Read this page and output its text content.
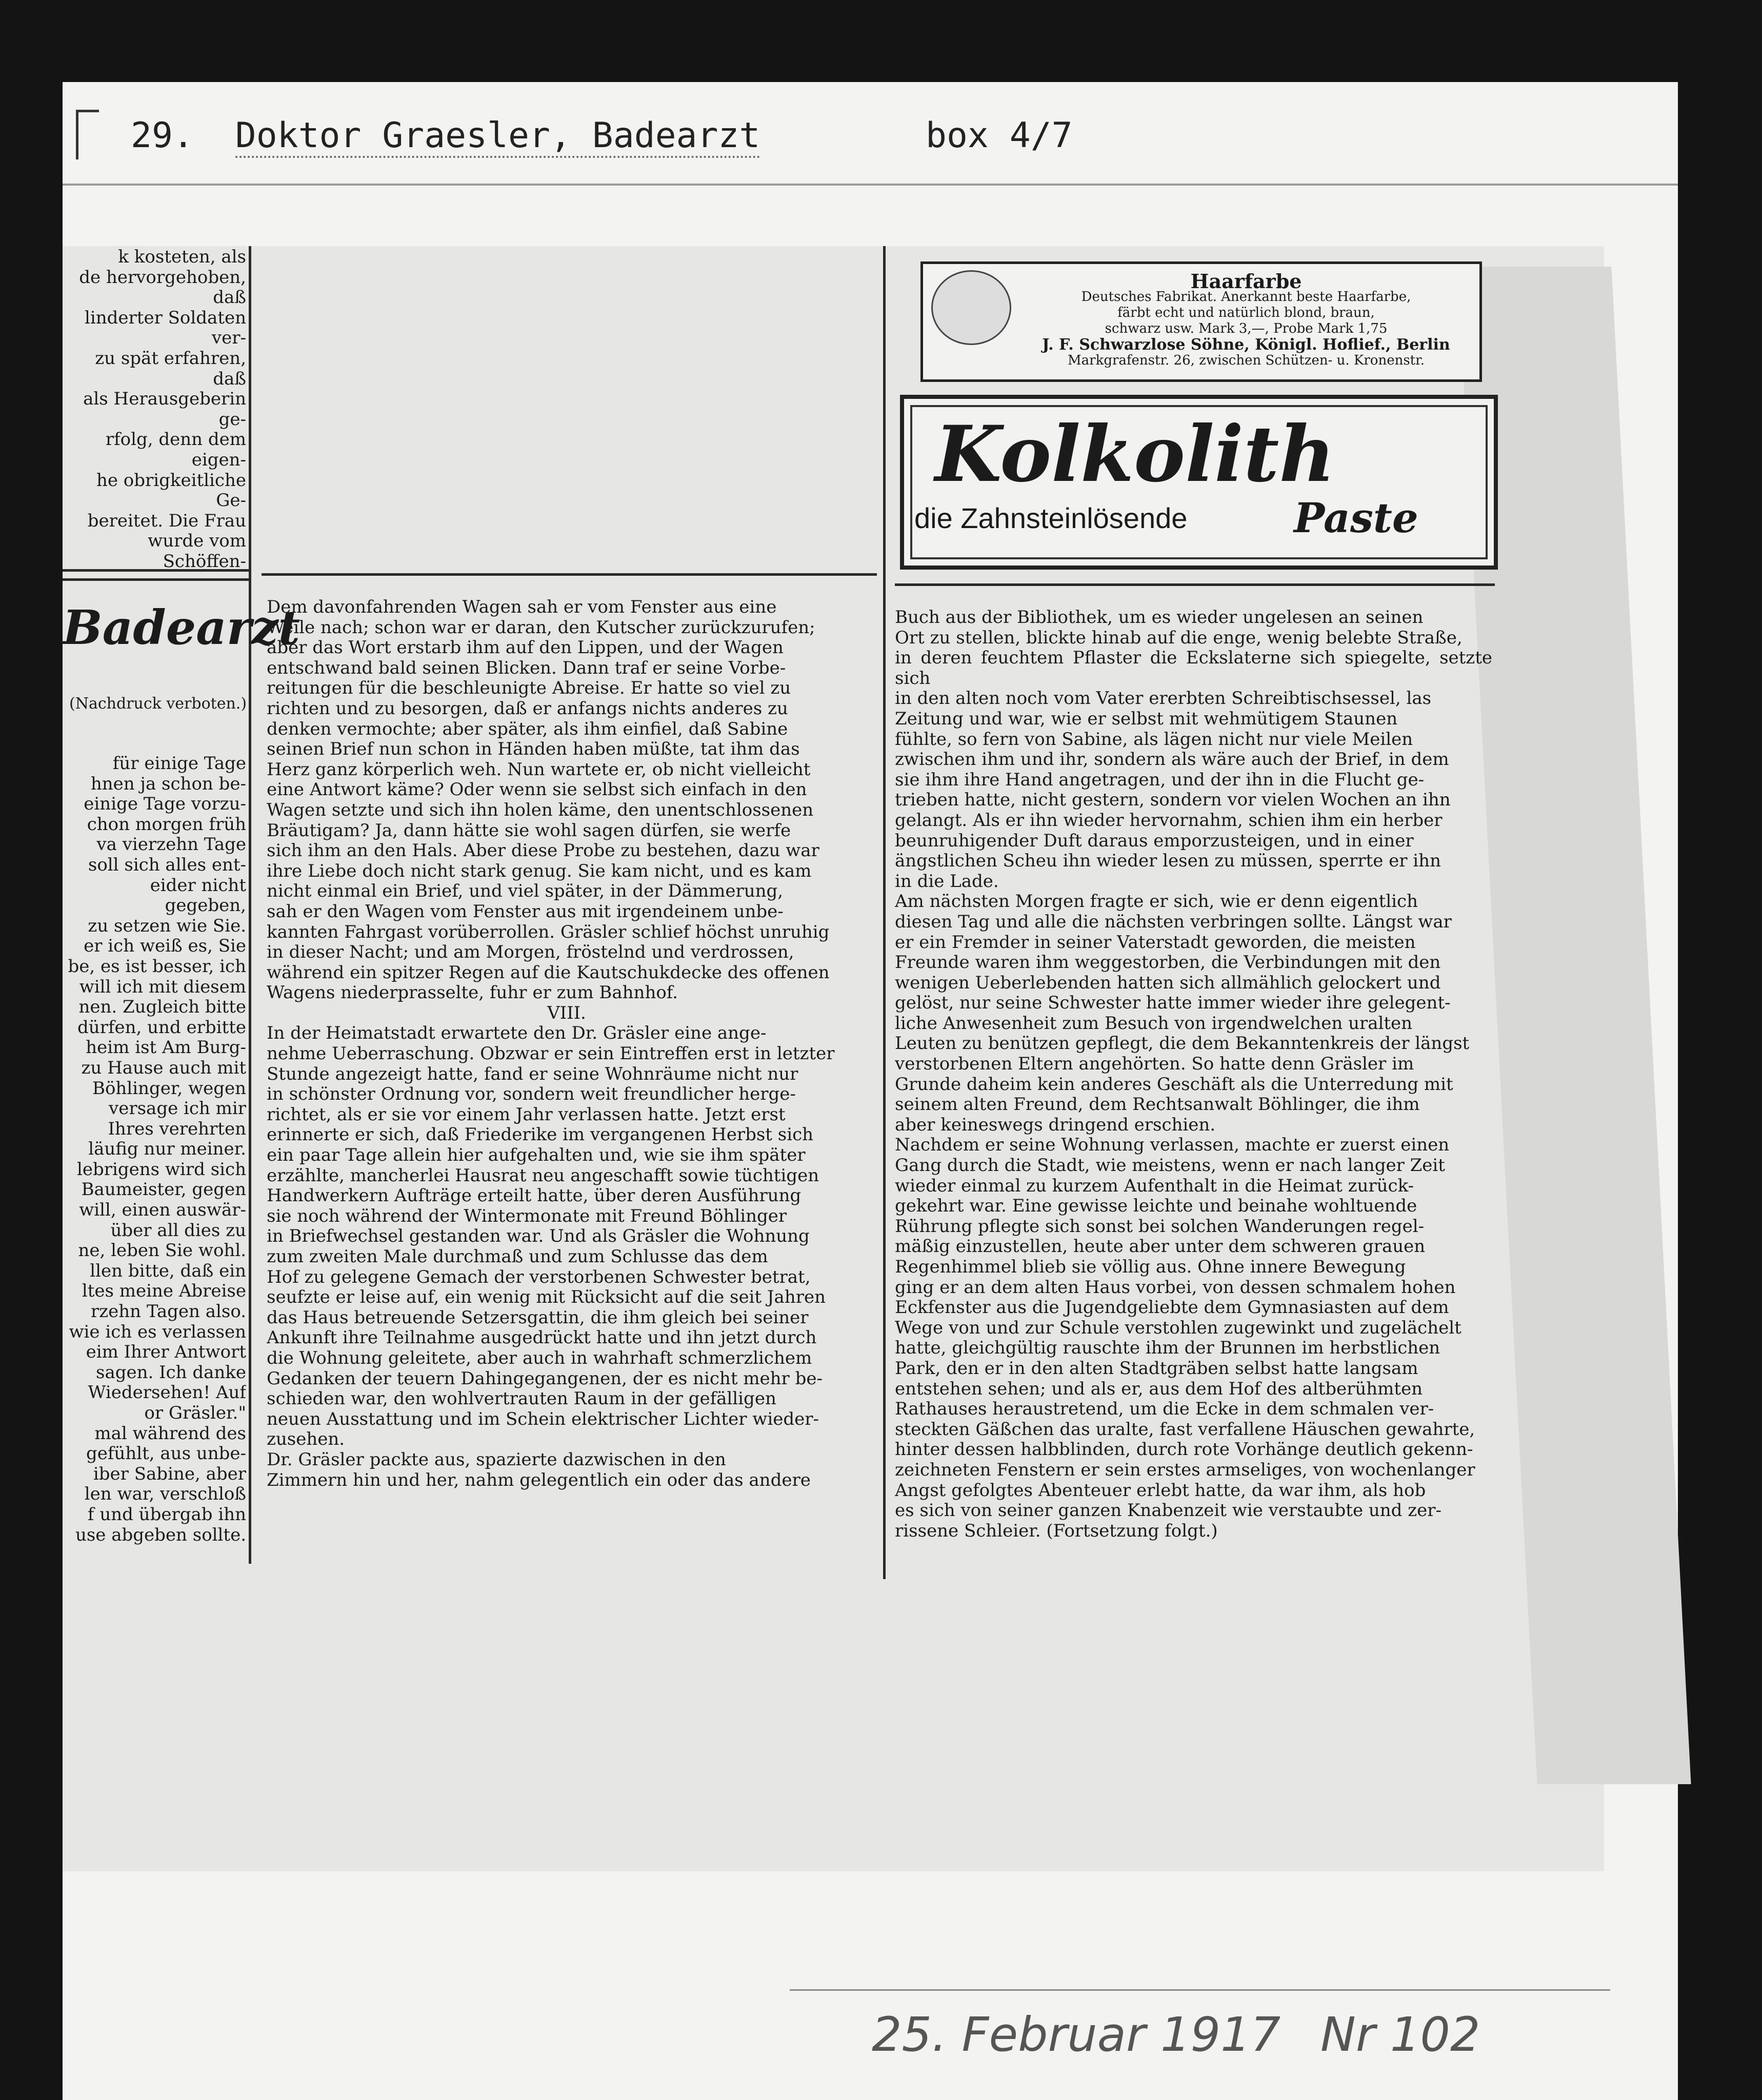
29. Doktor Graesler, Badearzt	box 4/7

k kosteten, als

de hervorgehoben, daß

linderter Soldaten ver-

zu spät erfahren, daß

als Herausgeberin ge-

rfolg, denn dem eigen-

he obrigkeitliche Ge-

bereitet. Die Frau

wurde vom Schöffen-

Badearzt
(Nachdruck verboten.)

für einige Tage

hnen ja schon be-

einige Tage vorzu-

chon morgen früh

va vierzehn Tage

soll sich alles ent-

eider nicht gegeben,

zu setzen wie Sie.

er ich weiß es, Sie

be, es ist besser, ich

will ich mit diesem

nen. Zugleich bitte

dürfen, und erbitte

heim ist Am Burg-

zu Hause auch mit

Böhlinger, wegen

versage ich mir

Ihres verehrten

läufig nur meiner.

lebrigens wird sich

Baumeister, gegen

will, einen auswär-

über all dies zu

ne, leben Sie wohl.

llen bitte, daß ein

ltes meine Abreise

rzehn Tagen also.

wie ich es verlassen

eim Ihrer Antwort

sagen. Ich danke

Wiedersehen! Auf

or Gräsler."

mal während des

gefühlt, aus unbe-

iber Sabine, aber

len war, verschloß

f und übergab ihn

use abgeben sollte.

Dem davonfahrenden Wagen sah er vom Fenster aus eine

Weile nach; schon war er daran, den Kutscher zurückzurufen;

aber das Wort erstarb ihm auf den Lippen, und der Wagen

entschwand bald seinen Blicken. Dann traf er seine Vorbe-

reitungen für die beschleunigte Abreise. Er hatte so viel zu

richten und zu besorgen, daß er anfangs nichts anderes zu

denken vermochte; aber später, als ihm einfiel, daß Sabine

seinen Brief nun schon in Händen haben müßte, tat ihm das

Herz ganz körperlich weh. Nun wartete er, ob nicht vielleicht

eine Antwort käme? Oder wenn sie selbst sich einfach in den

Wagen setzte und sich ihn holen käme, den unentschlossenen

Bräutigam? Ja, dann hätte sie wohl sagen dürfen, sie werfe

sich ihm an den Hals. Aber diese Probe zu bestehen, dazu war

ihre Liebe doch nicht stark genug. Sie kam nicht, und es kam

nicht einmal ein Brief, und viel später, in der Dämmerung,

sah er den Wagen vom Fenster aus mit irgendeinem unbe-

kannten Fahrgast vorüberrollen. Gräsler schlief höchst unruhig

in dieser Nacht; und am Morgen, fröstelnd und verdrossen,

während ein spitzer Regen auf die Kautschukdecke des offenen

Wagens niederprasselte, fuhr er zum Bahnhof.

VIII.

In der Heimatstadt erwartete den Dr. Gräsler eine ange-

nehme Ueberraschung. Obzwar er sein Eintreffen erst in letzter

Stunde angezeigt hatte, fand er seine Wohnräume nicht nur

in schönster Ordnung vor, sondern weit freundlicher herge-

richtet, als er sie vor einem Jahr verlassen hatte. Jetzt erst

erinnerte er sich, daß Friederike im vergangenen Herbst sich

ein paar Tage allein hier aufgehalten und, wie sie ihm später

erzählte, mancherlei Hausrat neu angeschafft sowie tüchtigen

Handwerkern Aufträge erteilt hatte, über deren Ausführung

sie noch während der Wintermonate mit Freund Böhlinger

in Briefwechsel gestanden war. Und als Gräsler die Wohnung

zum zweiten Male durchmaß und zum Schlusse das dem

Hof zu gelegene Gemach der verstorbenen Schwester betrat,

seufzte er leise auf, ein wenig mit Rücksicht auf die seit Jahren

das Haus betreuende Setzersgattin, die ihm gleich bei seiner

Ankunft ihre Teilnahme ausgedrückt hatte und ihn jetzt durch

die Wohnung geleitete, aber auch in wahrhaft schmerzlichem

Gedanken der teuern Dahingegangenen, der es nicht mehr be-

schieden war, den wohlvertrauten Raum in der gefälligen

neuen Ausstattung und im Schein elektrischer Lichter wieder-

zusehen.

Dr. Gräsler packte aus, spazierte dazwischen in den

Zimmern hin und her, nahm gelegentlich ein oder das andere

Haarfarbe
Deutsches Fabrikat. Anerkannt beste Haarfarbe,
färbt echt und natürlich blond, braun,
schwarz usw. Mark 3,—, Probe Mark 1,75
J. F. Schwarzlose Söhne, Königl. Hoflief., Berlin
Markgrafenstr. 26, zwischen Schützen- u. Kronenstr.
Kolkolith
die Zahnsteinlösende	Paste

Buch aus der Bibliothek, um es wieder ungelesen an seinen

Ort zu stellen, blickte hinab auf die enge, wenig belebte Straße,

in deren feuchtem Pflaster die Eckslaterne sich spiegelte, setzte sich

in den alten noch vom Vater ererbten Schreibtischsessel, las

Zeitung und war, wie er selbst mit wehmütigem Staunen

fühlte, so fern von Sabine, als lägen nicht nur viele Meilen

zwischen ihm und ihr, sondern als wäre auch der Brief, in dem

sie ihm ihre Hand angetragen, und der ihn in die Flucht ge-

trieben hatte, nicht gestern, sondern vor vielen Wochen an ihn

gelangt. Als er ihn wieder hervornahm, schien ihm ein herber

beunruhigender Duft daraus emporzusteigen, und in einer

ängstlichen Scheu ihn wieder lesen zu müssen, sperrte er ihn

in die Lade.

Am nächsten Morgen fragte er sich, wie er denn eigentlich

diesen Tag und alle die nächsten verbringen sollte. Längst war

er ein Fremder in seiner Vaterstadt geworden, die meisten

Freunde waren ihm weggestorben, die Verbindungen mit den

wenigen Ueberlebenden hatten sich allmählich gelockert und

gelöst, nur seine Schwester hatte immer wieder ihre gelegent-

liche Anwesenheit zum Besuch von irgendwelchen uralten

Leuten zu benützen gepflegt, die dem Bekanntenkreis der längst

verstorbenen Eltern angehörten. So hatte denn Gräsler im

Grunde daheim kein anderes Geschäft als die Unterredung mit

seinem alten Freund, dem Rechtsanwalt Böhlinger, die ihm

aber keineswegs dringend erschien.

Nachdem er seine Wohnung verlassen, machte er zuerst einen

Gang durch die Stadt, wie meistens, wenn er nach langer Zeit

wieder einmal zu kurzem Aufenthalt in die Heimat zurück-

gekehrt war. Eine gewisse leichte und beinahe wohltuende

Rührung pflegte sich sonst bei solchen Wanderungen regel-

mäßig einzustellen, heute aber unter dem schweren grauen

Regenhimmel blieb sie völlig aus. Ohne innere Bewegung

ging er an dem alten Haus vorbei, von dessen schmalem hohen

Eckfenster aus die Jugendgeliebte dem Gymnasiasten auf dem

Wege von und zur Schule verstohlen zugewinkt und zugelächelt

hatte, gleichgültig rauschte ihm der Brunnen im herbstlichen

Park, den er in den alten Stadtgräben selbst hatte langsam

entstehen sehen; und als er, aus dem Hof des altberühmten

Rathauses heraustretend, um die Ecke in dem schmalen ver-

steckten Gäßchen das uralte, fast verfallene Häuschen gewahrte,

hinter dessen halbblinden, durch rote Vorhänge deutlich gekenn-

zeichneten Fenstern er sein erstes armseliges, von wochenlanger

Angst gefolgtes Abenteuer erlebt hatte, da war ihm, als hob

es sich von seiner ganzen Knabenzeit wie verstaubte und zer-

rissene Schleier. (Fortsetzung folgt.)

25. Februar 1917 Nr 102
